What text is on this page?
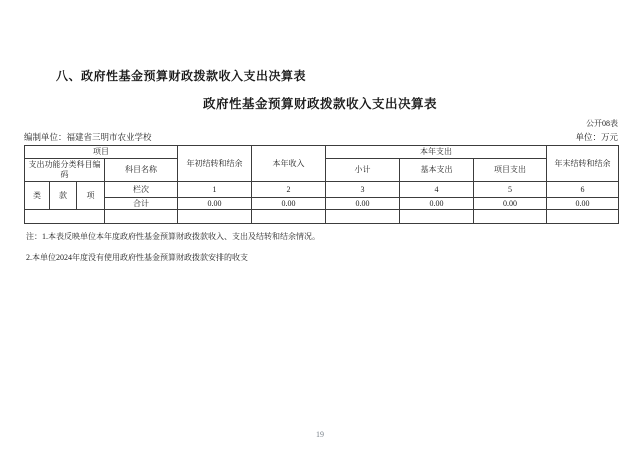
八、政府性基金预算财政拨款收入支出决算表
政府性基金预算财政拨款收入支出决算表
公开08表
编制单位：福建省三明市农业学校	单位：万元
项目				年初结转和结余	本年收入	本年支出			年末结转和结余
支出功能分类科目编码			科目名称			小计	基本支出	项目支出	
类	款	项	栏次	1	2	3	4	5	6
			合计	0.00	0.00	0.00	0.00	0.00	0.00

注：1.本表反映单位本年度政府性基金预算财政拨款收入、支出及结转和结余情况。
2.本单位2024年度没有使用政府性基金预算财政拨款安排的收支
19
